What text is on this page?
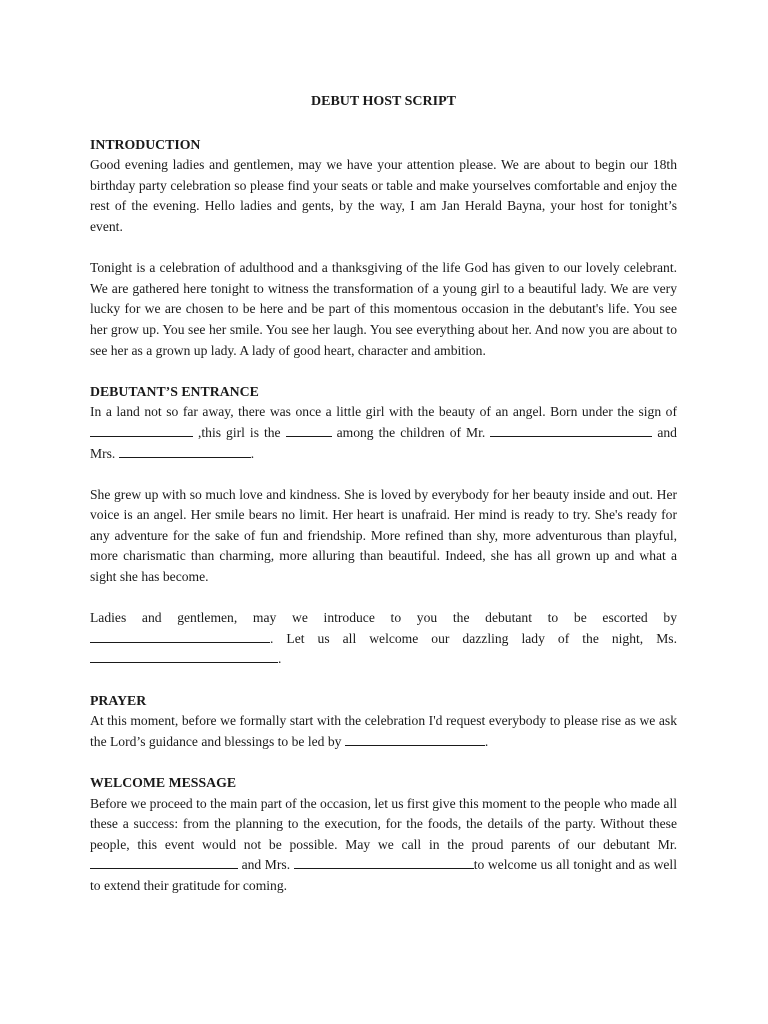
DEBUT HOST SCRIPT
INTRODUCTION

Good evening ladies and gentlemen, may we have your attention please. We are about to begin our 18th birthday party celebration so please find your seats or table and make yourselves comfortable and enjoy the rest of the evening. Hello ladies and gents, by the way, I am Jan Herald Bayna, your host for tonight’s event.

Tonight is a celebration of adulthood and a thanksgiving of the life God has given to our lovely celebrant. We are gathered here tonight to witness the transformation of a young girl to a beautiful lady. We are very lucky for we are chosen to be here and be part of this momentous occasion in the debutant's life. You see her grow up. You see her smile. You see her laugh. You see everything about her. And now you are about to see her as a grown up lady. A lady of good heart, character and ambition.

DEBUTANT’S ENTRANCE

In a land not so far away, there was once a little girl with the beauty of an angel. Born under the sign of  ,this girl is the	among the children of Mr.	and Mrs.	.

She grew up with so much love and kindness. She is loved by everybody for her beauty inside and out. Her voice is an angel. Her smile bears no limit. Her heart is unafraid. Her mind is ready to try. She's ready for any adventure for the sake of fun and friendship. More refined than shy, more adventurous than playful, more charismatic than charming, more alluring than beautiful. Indeed, she has all grown up and what a sight she has become.

Ladies and gentlemen, may we introduce to you the debutant to be escorted by . Let us all welcome our dazzling lady of the night, Ms. .

PRAYER

At this moment, before we formally start with the celebration I'd request everybody to please rise as we ask the Lord’s guidance and blessings to be led by	.

WELCOME MESSAGE

Before we proceed to the main part of the occasion, let us first give this moment to the people who made all these a success: from the planning to the execution, for the foods, the details of the party. Without these people, this event would not be possible. May we call in the proud parents of our debutant Mr.  and Mrs.	to welcome us all tonight and as well to extend their gratitude for coming.
